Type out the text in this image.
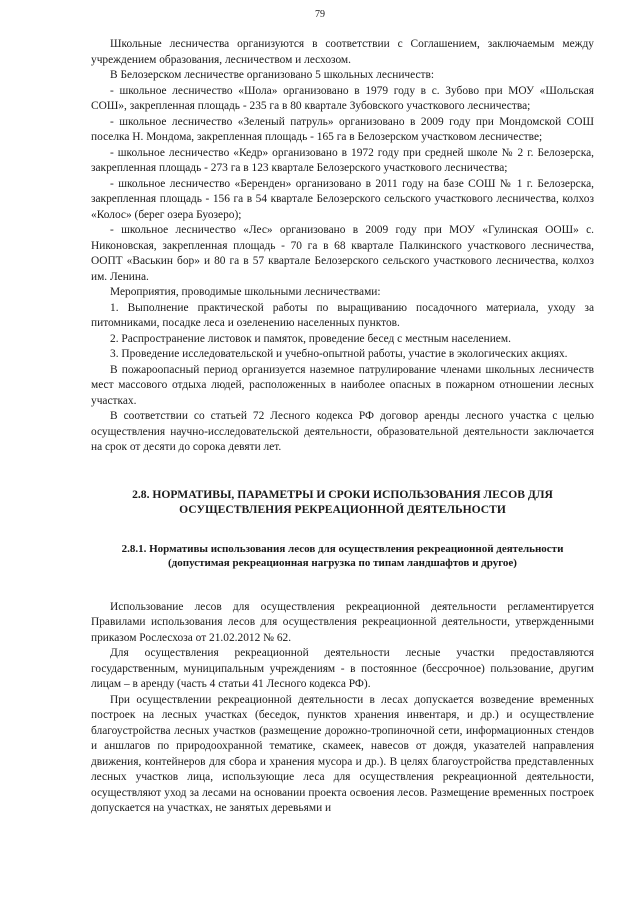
79

Школьные лесничества организуются в соответствии с Соглашением, заключаемым между учреждением образования, лесничеством и лесхозом.

В Белозерском лесничестве организовано 5 школьных лесничеств:

- школьное лесничество «Шола» организовано в 1979 году в с. Зубово при МОУ «Шольская СОШ», закрепленная площадь - 235 га в 80 квартале Зубовского участкового лесничества;

- школьное лесничество «Зеленый патруль» организовано в 2009 году при Мондомской СОШ поселка Н. Мондома, закрепленная площадь - 165 га в Белозерском участковом лесничестве;

- школьное лесничество «Кедр» организовано в 1972 году при средней школе № 2 г. Белозерска, закрепленная площадь - 273 га в 123 квартале Белозерского участкового лесничества;

- школьное лесничество «Беренден» организовано в 2011 году на базе СОШ № 1 г. Белозерска, закрепленная площадь - 156 га в 54 квартале Белозерского сельского участкового лесничества, колхоз «Колос» (берег озера Буозеро);

- школьное лесничество «Лес» организовано в 2009 году при МОУ «Гулинская ООШ» с. Никоновская, закрепленная площадь - 70 га в 68 квартале Палкинского участкового лесничества, ООПТ «Васькин бор» и 80 га в 57 квартале Белозерского сельского участкового лесничества, колхоз им. Ленина.

Мероприятия, проводимые школьными лесничествами:

1. Выполнение практической работы по выращиванию посадочного материала, уходу за питомниками, посадке леса и озеленению населенных пунктов.

2. Распространение листовок и памяток, проведение бесед с местным населением.

3. Проведение исследовательской и учебно-опытной работы, участие в экологических акциях.

В пожароопасный период организуется наземное патрулирование членами школьных лесничеств мест массового отдыха людей, расположенных в наиболее опасных в пожарном отношении лесных участках.

В соответствии со статьей 72 Лесного кодекса РФ договор аренды лесного участка с целью осуществления научно-исследовательской деятельности, образовательной деятельности заключается на срок от десяти до сорока девяти лет.

2.8. НОРМАТИВЫ, ПАРАМЕТРЫ И СРОКИ ИСПОЛЬЗОВАНИЯ ЛЕСОВ ДЛЯ ОСУЩЕСТВЛЕНИЯ РЕКРЕАЦИОННОЙ ДЕЯТЕЛЬНОСТИ
2.8.1. Нормативы использования лесов для осуществления рекреационной деятельности (допустимая рекреационная нагрузка по типам ландшафтов и другое)

Использование лесов для осуществления рекреационной деятельности регламентируется Правилами использования лесов для осуществления рекреационной деятельности, утвержденными приказом Рослесхоза от 21.02.2012 № 62.

Для осуществления рекреационной деятельности лесные участки предоставляются государственным, муниципальным учреждениям - в постоянное (бессрочное) пользование, другим лицам – в аренду (часть 4 статьи 41 Лесного кодекса РФ).

При осуществлении рекреационной деятельности в лесах допускается возведение временных построек на лесных участках (беседок, пунктов хранения инвентаря, и др.) и осуществление благоустройства лесных участков (размещение дорожно-тропиночной сети, информационных стендов и аншлагов по природоохранной тематике, скамеек, навесов от дождя, указателей направления движения, контейнеров для сбора и хранения мусора и др.). В целях благоустройства представленных лесных участков лица, использующие леса для осуществления рекреационной деятельности, осуществляют уход за лесами на основании проекта освоения лесов. Размещение временных построек допускается на участках, не занятых деревьями и
